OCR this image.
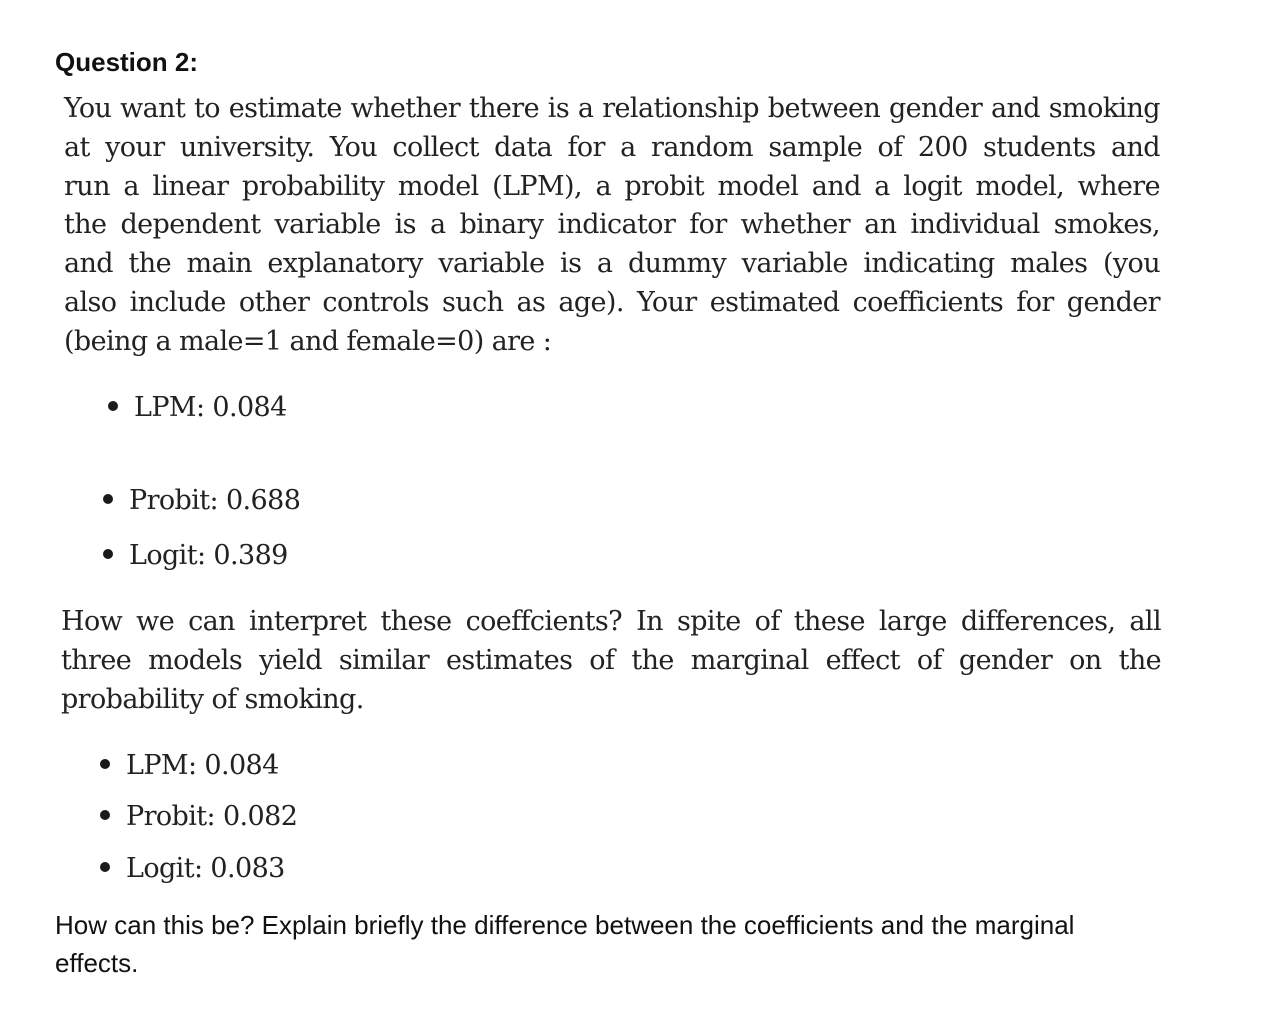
Question 2:
You want to estimate whether there is a relationship between gender and smoking
at your university. You collect data for a random sample of 200 students and
run a linear probability model (LPM), a probit model and a logit model, where
the dependent variable is a binary indicator for whether an individual smokes,
and the main explanatory variable is a dummy variable indicating males (you
also include other controls such as age). Your estimated coefficients for gender
(being a male=1 and female=0) are :
LPM: 0.084
Probit: 0.688
Logit: 0.389
How we can interpret these coeffcients? In spite of these large differences, all
three models yield similar estimates of the marginal effect of gender on the
probability of smoking.
LPM: 0.084
Probit: 0.082
Logit: 0.083
How can this be? Explain briefly the difference between the coefficients and the marginal
effects.
